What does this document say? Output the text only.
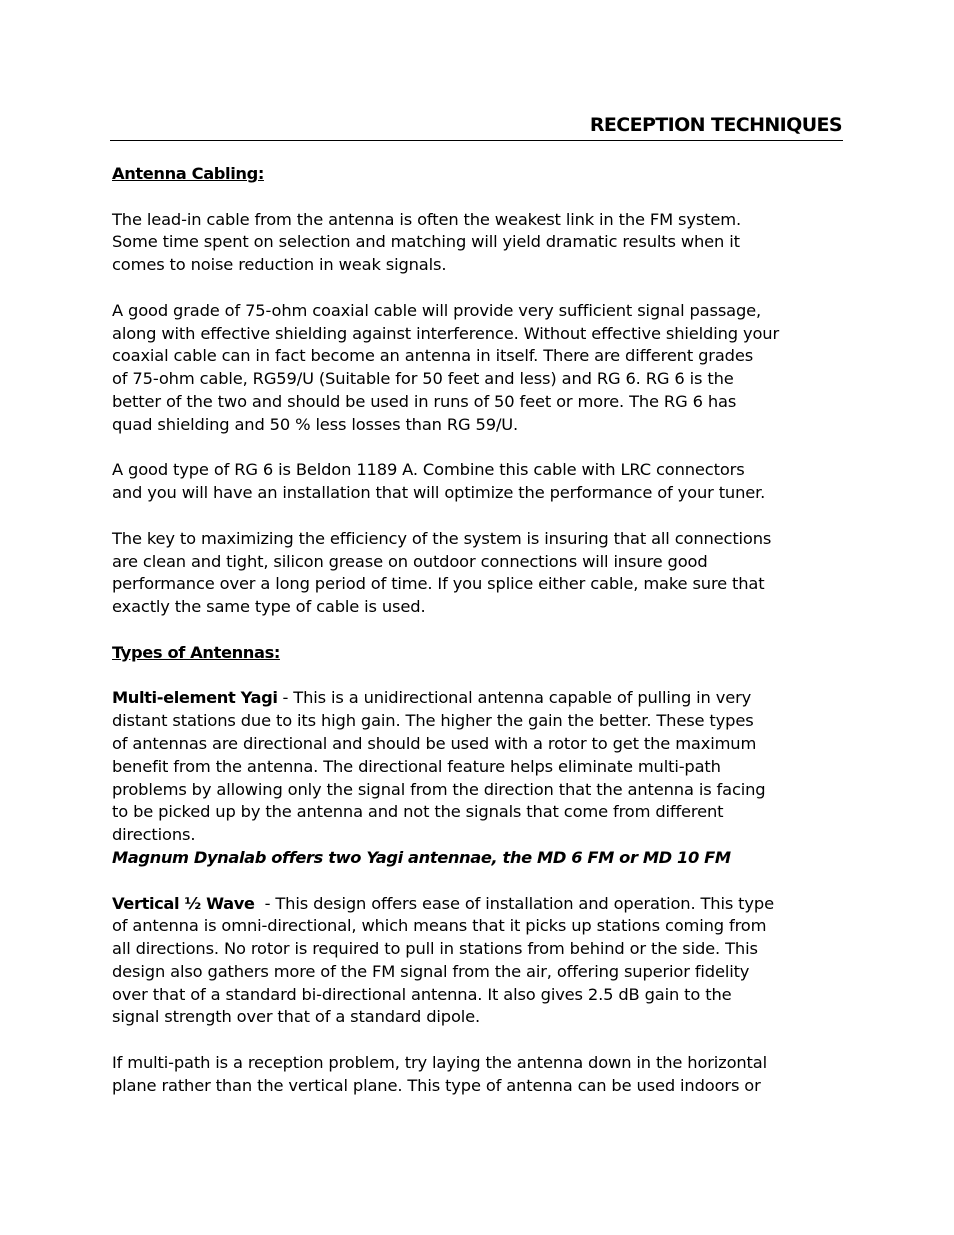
RECEPTION TECHNIQUES
Antenna Cabling:
The lead-in cable from the antenna is often the weakest link in the FM system.
Some time spent on selection and matching will yield dramatic results when it
comes to noise reduction in weak signals.
A good grade of 75-ohm coaxial cable will provide very sufficient signal passage,
along with effective shielding against interference. Without effective shielding your
coaxial cable can in fact become an antenna in itself. There are different grades
of 75-ohm cable, RG59/U (Suitable for 50 feet and less) and RG 6. RG 6 is the
better of the two and should be used in runs of 50 feet or more. The RG 6 has
quad shielding and 50 % less losses than RG 59/U.
A good type of RG 6 is Beldon 1189 A. Combine this cable with LRC connectors
and you will have an installation that will optimize the performance of your tuner.
The key to maximizing the efficiency of the system is insuring that all connections
are clean and tight, silicon grease on outdoor connections will insure good
performance over a long period of time. If you splice either cable, make sure that
exactly the same type of cable is used.
Types of Antennas:
Multi-element Yagi - This is a unidirectional antenna capable of pulling in very
distant stations due to its high gain. The higher the gain the better. These types
of antennas are directional and should be used with a rotor to get the maximum
benefit from the antenna. The directional feature helps eliminate multi-path
problems by allowing only the signal from the direction that the antenna is facing
to be picked up by the antenna and not the signals that come from different
directions.
Magnum Dynalab offers two Yagi antennae, the MD 6 FM or MD 10 FM
Vertical ½ Wave  - This design offers ease of installation and operation. This type
of antenna is omni-directional, which means that it picks up stations coming from
all directions. No rotor is required to pull in stations from behind or the side. This
design also gathers more of the FM signal from the air, offering superior fidelity
over that of a standard bi-directional antenna. It also gives 2.5 dB gain to the
signal strength over that of a standard dipole.
If multi-path is a reception problem, try laying the antenna down in the horizontal
plane rather than the vertical plane. This type of antenna can be used indoors or
